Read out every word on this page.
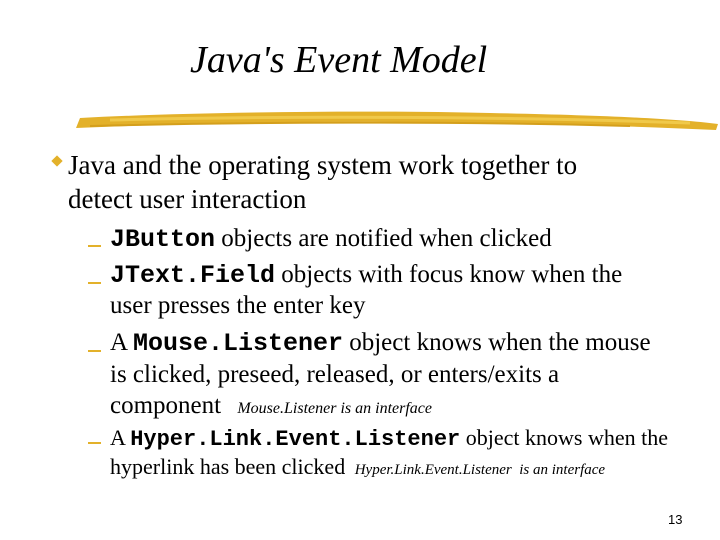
Java's Event Model
Java and the operating system work together to
detect user interaction
JButton objects are notified when clicked
JText.Field objects with focus know when the
user presses the enter key
A Mouse.Listener object knows when the mouse
is clicked, preseed, released, or enters/exits a
component Mouse.Listener is an interface
A Hyper.Link.Event.Listener object knows when the
hyperlink has been clicked Hyper.Link.Event.Listener  is an interface
13
